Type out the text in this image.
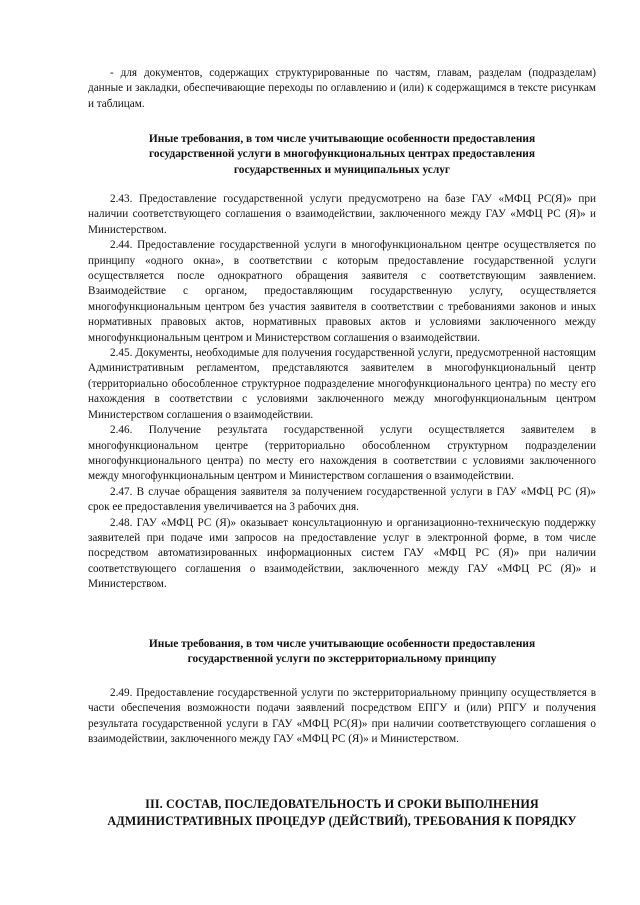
- для документов, содержащих структурированные по частям, главам, разделам (подразделам) данные и закладки, обеспечивающие переходы по оглавлению и (или) к содержащимся в тексте рисункам и таблицам.

Иные требования, в том числе учитывающие особенности предоставления
государственной услуги в многофункциональных центрах предоставления
государственных и муниципальных услуг

2.43. Предоставление государственной услуги предусмотрено на базе ГАУ «МФЦ РС(Я)» при наличии соответствующего соглашения о взаимодействии, заключенного между ГАУ «МФЦ РС (Я)» и Министерством.

2.44. Предоставление государственной услуги в многофункциональном центре осуществляется по принципу «одного окна», в соответствии с которым предоставление государственной услуги осуществляется после однократного обращения заявителя с соответствующим заявлением. Взаимодействие с органом, предоставляющим государственную услугу, осуществляется многофункциональным центром без участия заявителя в соответствии с требованиями законов и иных нормативных правовых актов, нормативных правовых актов и условиями заключенного между многофункциональным центром и Министерством соглашения о взаимодействии.

2.45. Документы, необходимые для получения государственной услуги, предусмотренной настоящим Административным регламентом, представляются заявителем в многофункциональный центр (территориально обособленное структурное подразделение многофункционального центра) по месту его нахождения в соответствии с условиями заключенного между многофункциональным центром Министерством соглашения о взаимодействии.

2.46. Получение результата государственной услуги осуществляется заявителем в многофункциональном центре (территориально обособленном структурном подразделении многофункционального центра) по месту его нахождения в соответствии с условиями заключенного между многофункциональным центром и Министерством соглашения о взаимодействии.

2.47. В случае обращения заявителя за получением государственной услуги в ГАУ «МФЦ РС (Я)» срок ее предоставления увеличивается на 3 рабочих дня.

2.48. ГАУ «МФЦ РС (Я)» оказывает консультационную и организационно-техническую поддержку заявителей при подаче ими запросов на предоставление услуг в электронной форме, в том числе посредством автоматизированных информационных систем ГАУ «МФЦ РС (Я)» при наличии соответствующего соглашения о взаимодействии, заключенного между ГАУ «МФЦ РС (Я)» и Министерством.

Иные требования, в том числе учитывающие особенности предоставления
государственной услуги по экстерриториальному принципу

2.49. Предоставление государственной услуги по экстерриториальному принципу осуществляется в части обеспечения возможности подачи заявлений посредством ЕПГУ и (или) РПГУ и получения результата государственной услуги в ГАУ «МФЦ РС(Я)» при наличии соответствующего соглашения о взаимодействии, заключенного между ГАУ «МФЦ РС (Я)» и Министерством.

III. СОСТАВ, ПОСЛЕДОВАТЕЛЬНОСТЬ И СРОКИ ВЫПОЛНЕНИЯ
АДМИНИСТРАТИВНЫХ ПРОЦЕДУР (ДЕЙСТВИЙ), ТРЕБОВАНИЯ К ПОРЯДКУ
